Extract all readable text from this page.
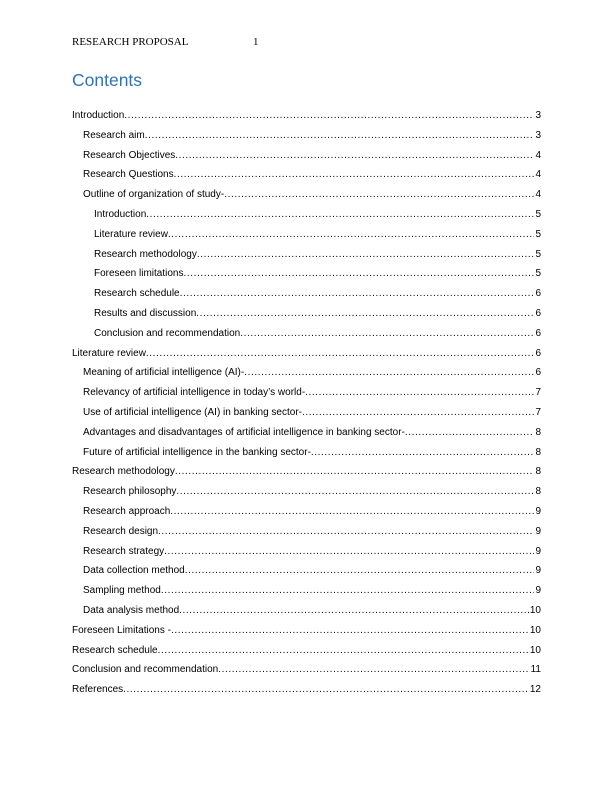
RESEARCH PROPOSAL	1
Contents
Introduction .....	3
Research aim .....	3
Research Objectives .....	4
Research Questions .....	4
Outline of organization of study- .....	4
Introduction .....	5
Literature review .....	5
Research methodology .....	5
Foreseen limitations .....	5
Research schedule .....	6
Results and discussion .....	6
Conclusion and recommendation .....	6
Literature review .....	6
Meaning of artificial intelligence (AI)- .....	6
Relevancy of artificial intelligence in today’s world- .....	7
Use of artificial intelligence (AI) in banking sector- .....	7
Advantages and disadvantages of artificial intelligence in banking sector- .....	8
Future of artificial intelligence in the banking sector- .....	8
Research methodology .....	8
Research philosophy .....	8
Research approach .....	9
Research design .....	9
Research strategy .....	9
Data collection method .....	9
Sampling method .....	9
Data analysis method .....	10
Foreseen Limitations - .....	10
Research schedule .....	10
Conclusion and recommendation .....	11
References .....	12
